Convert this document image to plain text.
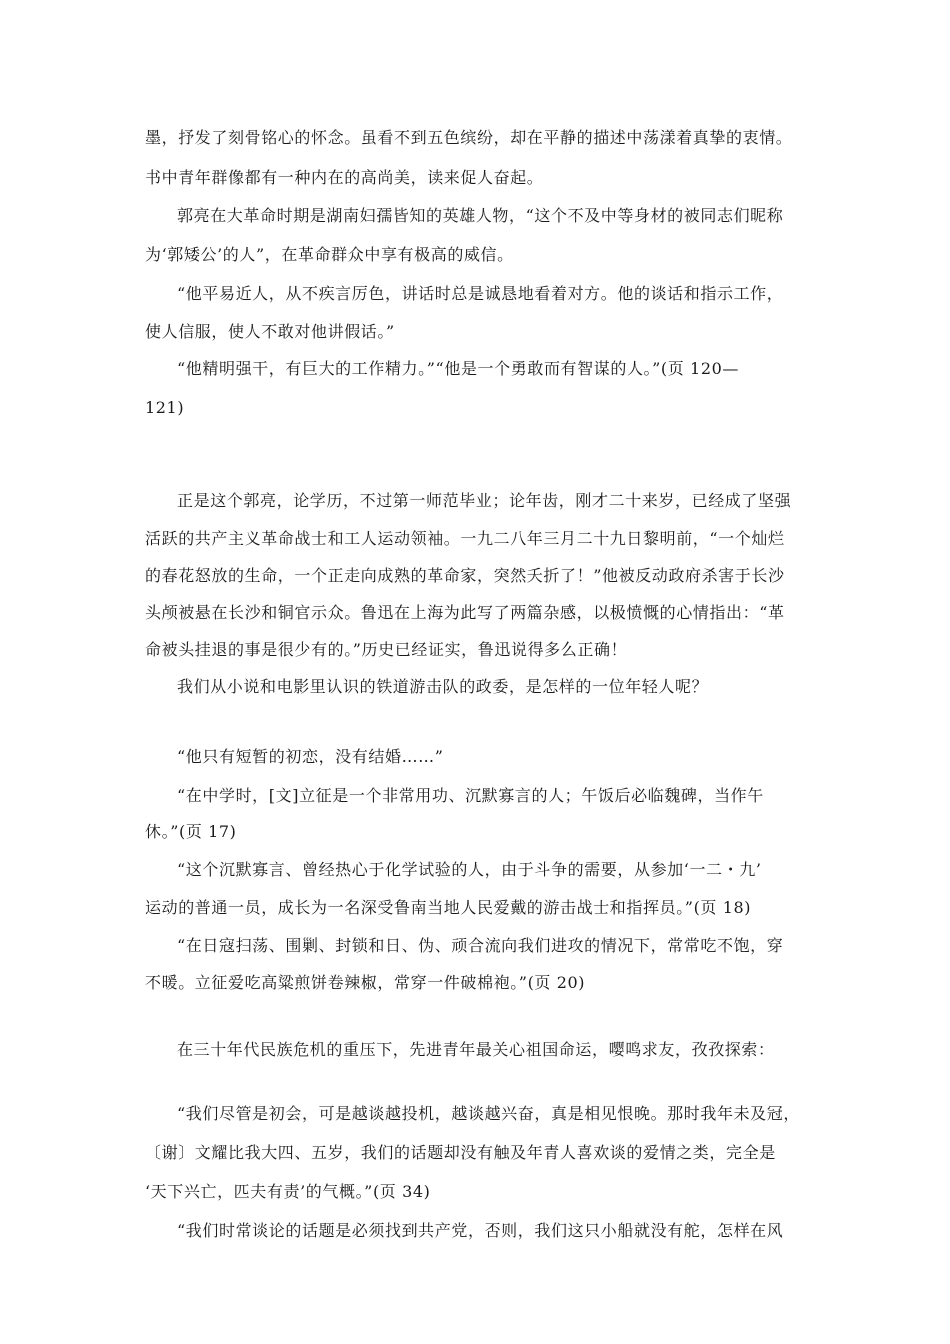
墨，抒发了刻骨铭心的怀念。虽看不到五色缤纷，却在平静的描述中荡漾着真挚的衷情。
书中青年群像都有一种内在的高尚美，读来促人奋起。
郭亮在大革命时期是湖南妇孺皆知的英雄人物，“这个不及中等身材的被同志们昵称
为‘郭矮公’的人”，在革命群众中享有极高的威信。
“他平易近人，从不疾言厉色，讲话时总是诚恳地看着对方。他的谈话和指示工作，
使人信服，使人不敢对他讲假话。”
“他精明强干，有巨大的工作精力。”“他是一个勇敢而有智谋的人。”(页 120—
121)
正是这个郭亮，论学历，不过第一师范毕业；论年齿，刚才二十来岁，已经成了坚强
活跃的共产主义革命战士和工人运动领袖。一九二八年三月二十九日黎明前，“一个灿烂
的春花怒放的生命，一个正走向成熟的革命家，突然夭折了！”他被反动政府杀害于长沙
头颅被悬在长沙和铜官示众。鲁迅在上海为此写了两篇杂感，以极愤慨的心情指出：“革
命被头挂退的事是很少有的。”历史已经证实，鲁迅说得多么正确！
我们从小说和电影里认识的铁道游击队的政委，是怎样的一位年轻人呢？
“他只有短暂的初恋，没有结婚……”
“在中学时，[文]立征是一个非常用功、沉默寡言的人；午饭后必临魏碑，当作午
休。”(页 17)
“这个沉默寡言、曾经热心于化学试验的人，由于斗争的需要，从参加‘一二・九’
运动的普通一员，成长为一名深受鲁南当地人民爱戴的游击战士和指挥员。”(页 18)
“在日寇扫荡、围剿、封锁和日、伪、顽合流向我们进攻的情况下，常常吃不饱，穿
不暖。立征爱吃高粱煎饼卷辣椒，常穿一件破棉袍。”(页 20)
在三十年代民族危机的重压下，先进青年最关心祖国命运，嘤鸣求友，孜孜探索：
“我们尽管是初会，可是越谈越投机，越谈越兴奋，真是相见恨晚。那时我年未及冠，
〔谢〕文耀比我大四、五岁，我们的话题却没有触及年青人喜欢谈的爱情之类，完全是
‘天下兴亡，匹夫有责’的气概。”(页 34)
“我们时常谈论的话题是必须找到共产党，否则，我们这只小船就没有舵，怎样在风
